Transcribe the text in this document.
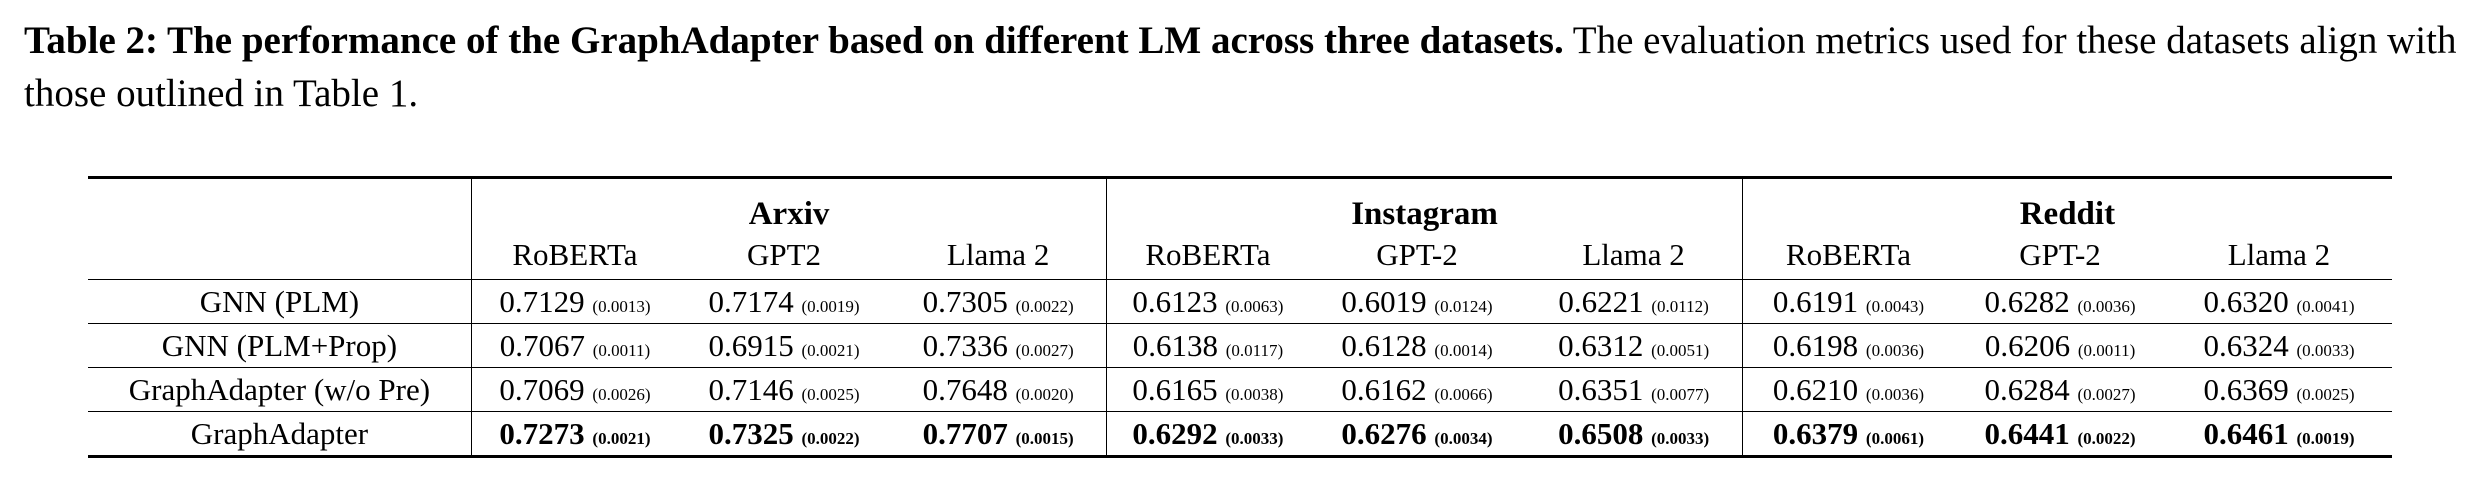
Table 2: The performance of the GraphAdapter based on different LM across three datasets. The evaluation metrics used for these datasets align with those outlined in Table 1.
	Arxiv			Instagram			Reddit		
	RoBERTa	GPT2	Llama 2	RoBERTa	GPT-2	Llama 2	RoBERTa	GPT-2	Llama 2
GNN (PLM)	0.7129 (0.0013)	0.7174 (0.0019)	0.7305 (0.0022)	0.6123 (0.0063)	0.6019 (0.0124)	0.6221 (0.0112)	0.6191 (0.0043)	0.6282 (0.0036)	0.6320 (0.0041)
GNN (PLM+Prop)	0.7067 (0.0011)	0.6915 (0.0021)	0.7336 (0.0027)	0.6138 (0.0117)	0.6128 (0.0014)	0.6312 (0.0051)	0.6198 (0.0036)	0.6206 (0.0011)	0.6324 (0.0033)
GraphAdapter (w/o Pre)	0.7069 (0.0026)	0.7146 (0.0025)	0.7648 (0.0020)	0.6165 (0.0038)	0.6162 (0.0066)	0.6351 (0.0077)	0.6210 (0.0036)	0.6284 (0.0027)	0.6369 (0.0025)
GraphAdapter	0.7273 (0.0021)	0.7325 (0.0022)	0.7707 (0.0015)	0.6292 (0.0033)	0.6276 (0.0034)	0.6508 (0.0033)	0.6379 (0.0061)	0.6441 (0.0022)	0.6461 (0.0019)
